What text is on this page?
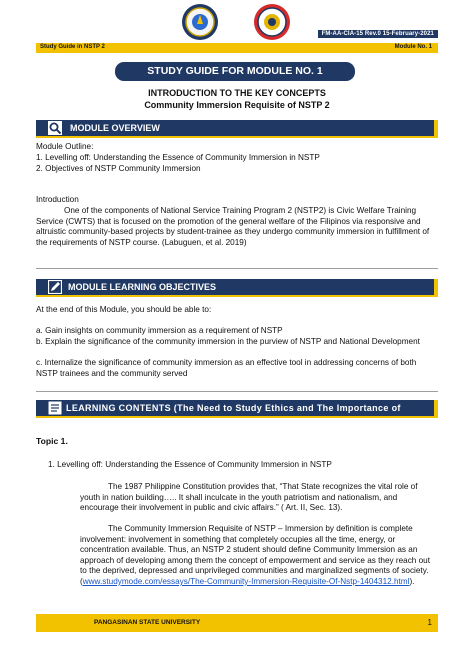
FM-AA-CIA-15 Rev.0 15-February-2021
Study Guide in NSTP 2	Module No. 1
STUDY GUIDE FOR MODULE NO. 1
INTRODUCTION TO THE KEY CONCEPTS
Community Immersion Requisite of NSTP 2
MODULE OVERVIEW
Module Outline:
1. Levelling off: Understanding the Essence of Community Immersion in NSTP
2. Objectives of NSTP Community Immersion
Introduction
One of the components of National Service Training Program 2 (NSTP2) is Civic Welfare Training Service (CWTS) that is focused on the promotion of the general welfare of the Filipinos via responsive and altruistic community-based projects by student-trainee as they undergo community immersion in fulfillment of the requirements of NSTP course. (Labuguen, et al. 2019)
MODULE LEARNING OBJECTIVES
At the end of this Module, you should be able to:
a. Gain insights on community immersion as a requirement of NSTP
b. Explain the significance of the community immersion in the purview of NSTP and National Development
c. Internalize the significance of community immersion as an effective tool in addressing concerns of both NSTP trainees and the community served
LEARNING CONTENTS (The Need to Study Ethics and The Importance of
Topic 1.
1. Levelling off: Understanding the Essence of Community Immersion in NSTP
The 1987 Philippine Constitution provides that, “That State recognizes the vital role of youth in nation building….. It shall inculcate in the youth patriotism and nationalism, and encourage their involvement in public and civic affairs.” ( Art. II, Sec. 13).
The Community Immersion Requisite of NSTP – Immersion by definition is complete involvement: involvement in something that completely occupies all the time, energy, or concentration available. Thus, an NSTP 2 student should define Community Immersion as an approach of developing among them the concept of empowerment and service as they reach out to the deprived, depressed and unprivileged communities and marginalized segments of society. (www.studymode.com/essays/The-Community-Immersion-Requisite-Of-Nstp-1404312.html).
PANGASINAN STATE UNIVERSITY	1
